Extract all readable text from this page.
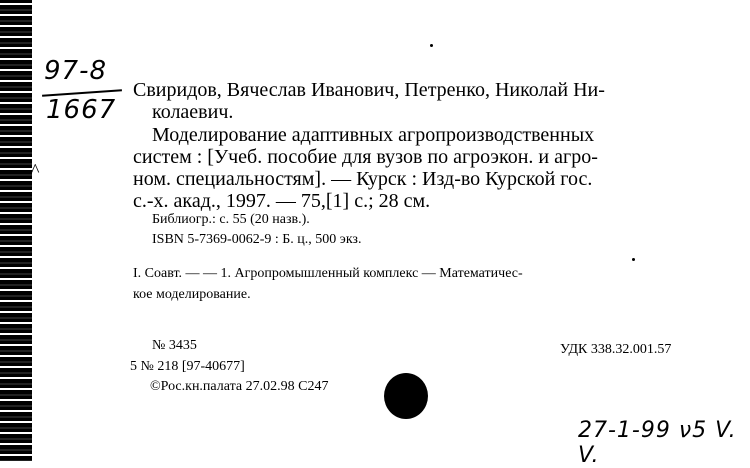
^
97-8
1667
Свиридов, Вячеслав Иванович, Петренко, Николай Ни-
колаевич.
Моделирование адаптивных агропроизводственных
систем : [Учеб. пособие для вузов по агроэкон. и агро-
ном. специальностям]. — Курск : Изд-во Курской гос.
с.-х. акад., 1997. — 75,[1] с.; 28 см.
Библиогр.: с. 55 (20 назв.).
ISBN 5-7369-0062-9 : Б. ц., 500 экз.
I. Соавт. — — 1. Агропромышленный комплекс — Математичес-
кое моделирование.
№ 3435
5 № 218 [97-40677]
©Рос.кн.палата 27.02.98 С247
УДК 338.32.001.57
27-1-99 ν5 V. V.
